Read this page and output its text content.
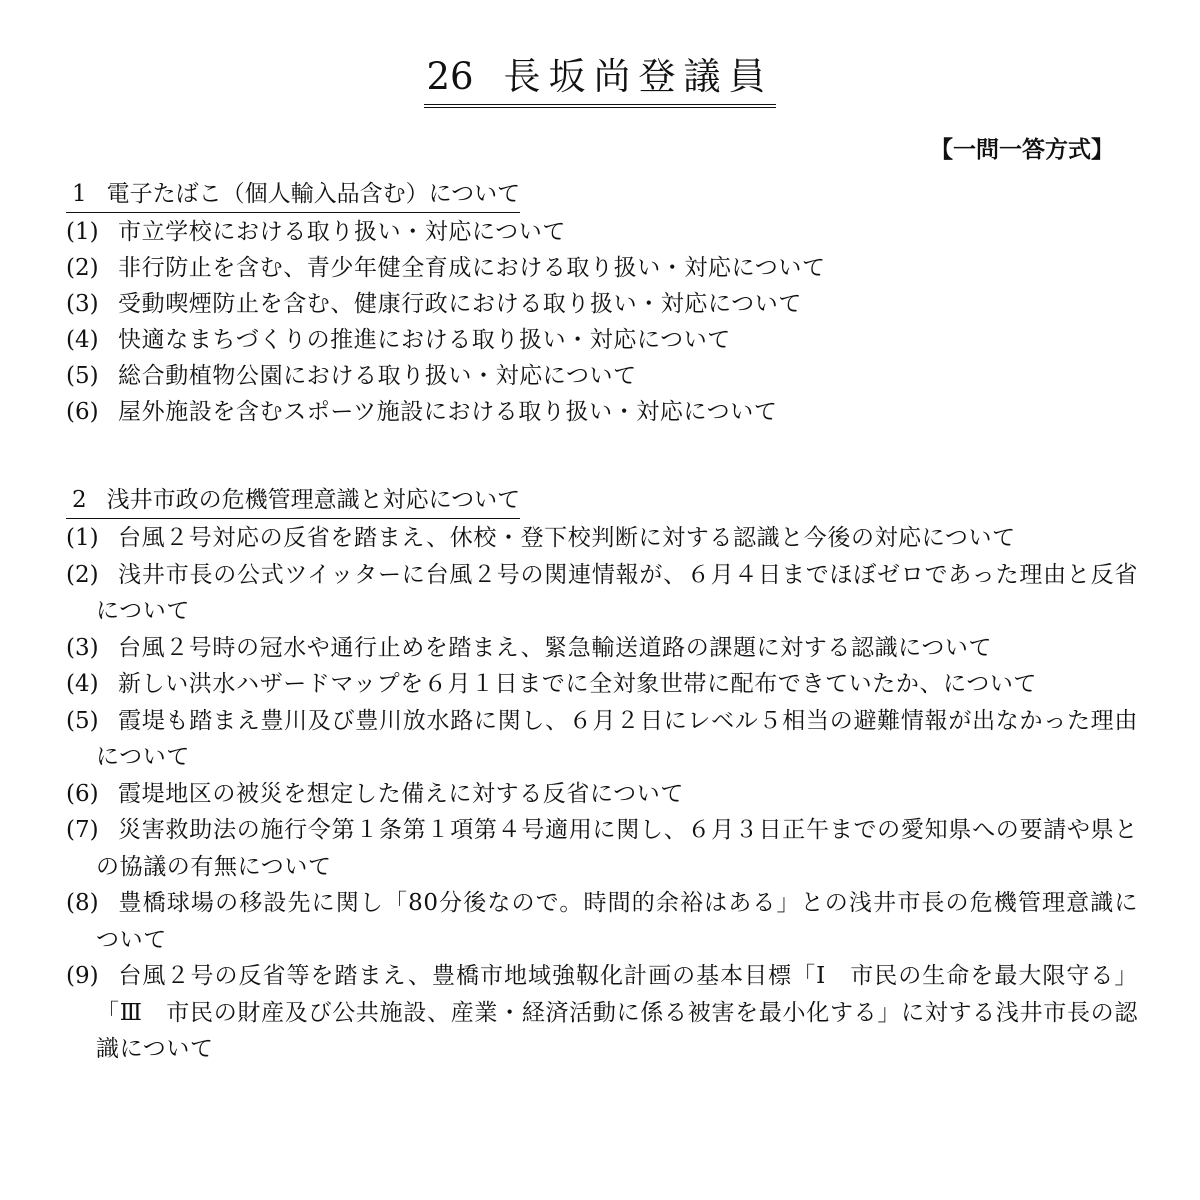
26 長坂尚登議員
【一問一答方式】
1 電子たばこ（個人輸入品含む）について
(1) 市立学校における取り扱い・対応について
(2) 非行防止を含む、青少年健全育成における取り扱い・対応について
(3) 受動喫煙防止を含む、健康行政における取り扱い・対応について
(4) 快適なまちづくりの推進における取り扱い・対応について
(5) 総合動植物公園における取り扱い・対応について
(6) 屋外施設を含むスポーツ施設における取り扱い・対応について
2 浅井市政の危機管理意識と対応について
(1) 台風２号対応の反省を踏まえ、休校・登下校判断に対する認識と今後の対応について
(2) 浅井市長の公式ツイッターに台風２号の関連情報が、６月４日までほぼゼロであった理由と反省について
(3) 台風２号時の冠水や通行止めを踏まえ、緊急輸送道路の課題に対する認識について
(4) 新しい洪水ハザードマップを６月１日までに全対象世帯に配布できていたか、について
(5) 霞堤も踏まえ豊川及び豊川放水路に関し、６月２日にレベル５相当の避難情報が出なかった理由について
(6) 霞堤地区の被災を想定した備えに対する反省について
(7) 災害救助法の施行令第１条第１項第４号適用に関し、６月３日正午までの愛知県への要請や県との協議の有無について
(8) 豊橋球場の移設先に関し「80分後なので。時間的余裕はある」との浅井市長の危機管理意識について
(9) 台風２号の反省等を踏まえ、豊橋市地域強靱化計画の基本目標「Ⅰ　市民の生命を最大限守る」「Ⅲ　市民の財産及び公共施設、産業・経済活動に係る被害を最小化する」に対する浅井市長の認識について
